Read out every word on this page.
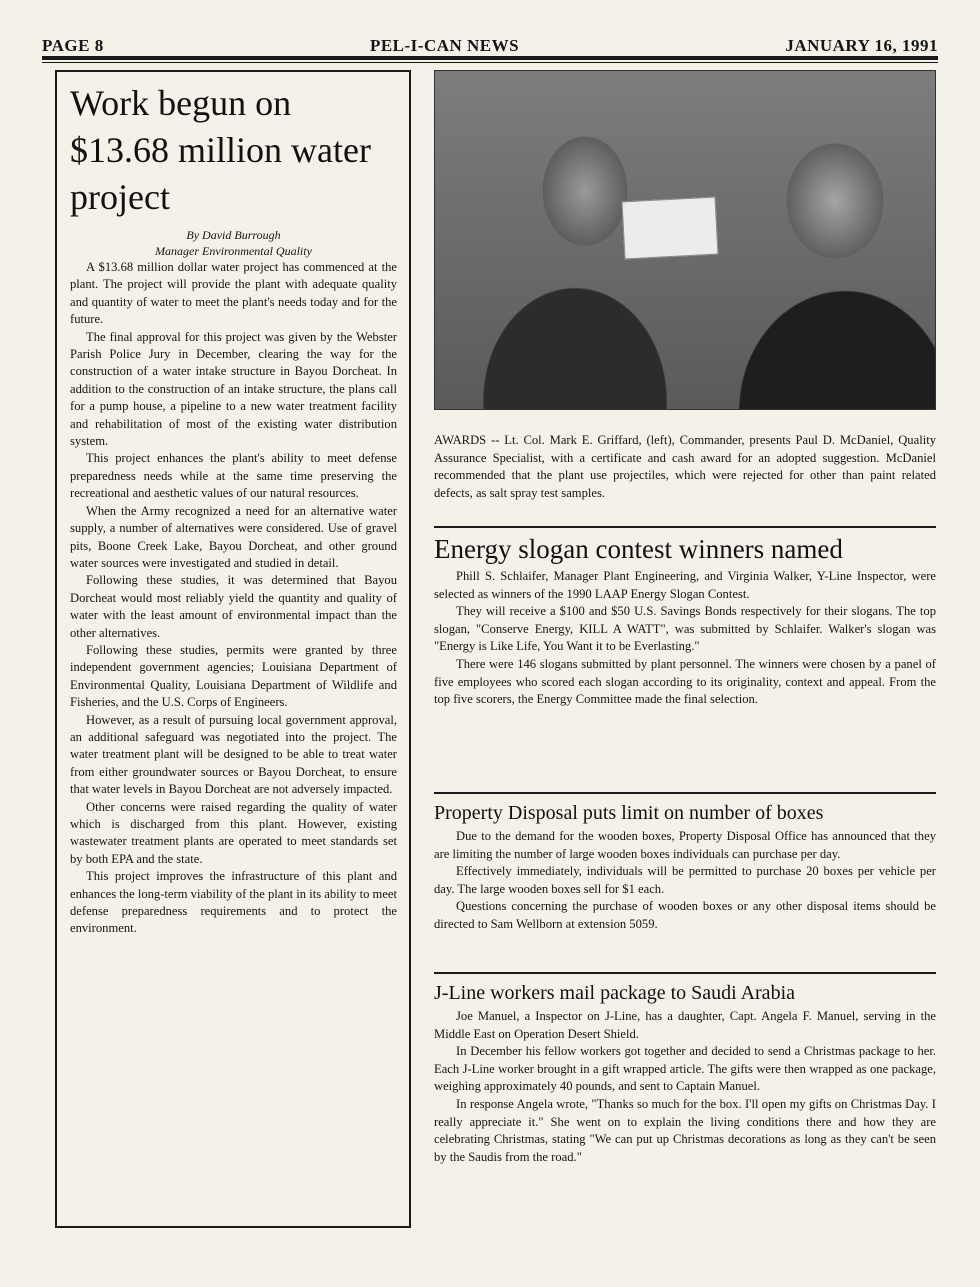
PAGE 8	PEL-I-CAN NEWS	JANUARY 16, 1991
Work begun on $13.68 million water project
By David Burrough
Manager Environmental Quality

A $13.68 million dollar water project has commenced at the plant. The project will provide the plant with adequate quality and quantity of water to meet the plant's needs today and for the future.

The final approval for this project was given by the Webster Parish Police Jury in December, clearing the way for the construction of a water intake structure in Bayou Dorcheat. In addition to the construction of an intake structure, the plans call for a pump house, a pipeline to a new water treatment facility and rehabilitation of most of the existing water distribution system.

This project enhances the plant's ability to meet defense preparedness needs while at the same time preserving the recreational and aesthetic values of our natural resources.

When the Army recognized a need for an alternative water supply, a number of alternatives were considered. Use of gravel pits, Boone Creek Lake, Bayou Dorcheat, and other ground water sources were investigated and studied in detail.

Following these studies, it was determined that Bayou Dorcheat would most reliably yield the quantity and quality of water with the least amount of environmental impact than the other alternatives.

Following these studies, permits were granted by three independent government agencies; Louisiana Department of Environmental Quality, Louisiana Department of Wildlife and Fisheries, and the U.S. Corps of Engineers.

However, as a result of pursuing local government approval, an additional safeguard was negotiated into the project. The water treatment plant will be designed to be able to treat water from either groundwater sources or Bayou Dorcheat, to ensure that water levels in Bayou Dorcheat are not adversely impacted.

Other concerns were raised regarding the quality of water which is discharged from this plant. However, existing wastewater treatment plants are operated to meet standards set by both EPA and the state.

This project improves the infrastructure of this plant and enhances the long-term viability of the plant in its ability to meet defense preparedness requirements and to protect the environment.

AWARDS -- Lt. Col. Mark E. Griffard, (left), Commander, presents Paul D. McDaniel, Quality Assurance Specialist, with a certificate and cash award for an adopted suggestion. McDaniel recommended that the plant use projectiles, which were rejected for other than paint related defects, as salt spray test samples.
Energy slogan contest winners named

Phill S. Schlaifer, Manager Plant Engineering, and Virginia Walker, Y-Line Inspector, were selected as winners of the 1990 LAAP Energy Slogan Contest.

They will receive a $100 and $50 U.S. Savings Bonds respectively for their slogans. The top slogan, "Conserve Energy, KILL A WATT", was submitted by Schlaifer. Walker's slogan was "Energy is Like Life, You Want it to be Everlasting."

There were 146 slogans submitted by plant personnel. The winners were chosen by a panel of five employees who scored each slogan according to its originality, context and appeal. From the top five scorers, the Energy Committee made the final selection.

Property Disposal puts limit on number of boxes

Due to the demand for the wooden boxes, Property Disposal Office has announced that they are limiting the number of large wooden boxes individuals can purchase per day.

Effectively immediately, individuals will be permitted to purchase 20 boxes per vehicle per day. The large wooden boxes sell for $1 each.

Questions concerning the purchase of wooden boxes or any other disposal items should be directed to Sam Wellborn at extension 5059.

J-Line workers mail package to Saudi Arabia

Joe Manuel, a Inspector on J-Line, has a daughter, Capt. Angela F. Manuel, serving in the Middle East on Operation Desert Shield.

In December his fellow workers got together and decided to send a Christmas package to her. Each J-Line worker brought in a gift wrapped article. The gifts were then wrapped as one package, weighing approximately 40 pounds, and sent to Captain Manuel.

In response Angela wrote, "Thanks so much for the box. I'll open my gifts on Christmas Day. I really appreciate it." She went on to explain the living conditions there and how they are celebrating Christmas, stating "We can put up Christmas decorations as long as they can't be seen by the Saudis from the road."
